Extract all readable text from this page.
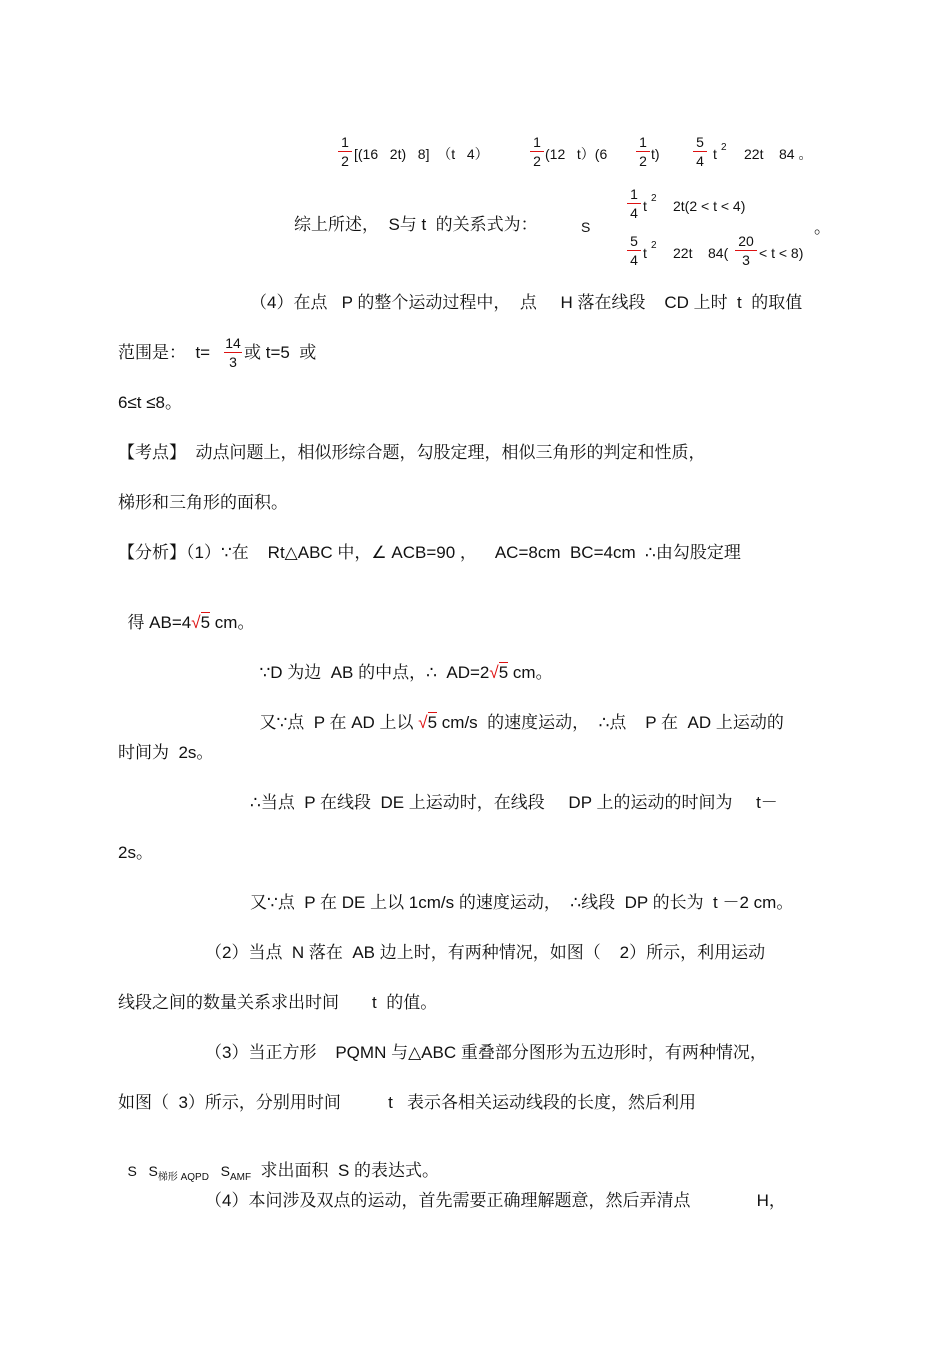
1
2 [(16   2t)   8]  （t   4）
1
2 (12   t）(6
1
2 t)
5
4 t 2 22t    84 。
综上所述，  S与 t  的关系式为：	S
1
4 t 2 2t(2 < t < 4)
5
4 t 2 22t    84(
20
3 < t < 8)
。
（4）在点   P 的整个运动过程中，  点     H 落在线段    CD 上时  t  的取值
范围是：  t= 14
3 或 t=5  或
6≤t ≤8。
【考点】  动点问题上，相似形综合题，勾股定理，相似三角形的判定和性质，
梯形和三角形的面积。
【分析】（1）∵在    Rt△ABC 中，∠ ACB=90 ，    AC=8cm  BC=4cm  ∴由勾股定理

得 AB=4√5 cm。

∵D 为边  AB 的中点，∴  AD=2√5 cm。

又∵点  P 在 AD 上以 √5 cm/s  的速度运动，  ∴点    P 在  AD 上运动的

时间为  2s。
∴当点  P 在线段  DE 上运动时，在线段     DP 上的运动的时间为     t－
2s。
又∵点  P 在 DE 上以 1cm/s 的速度运动，  ∴线段  DP 的长为  t －2 cm。
（2）当点  N 落在  AB 边上时，有两种情况，如图（    2）所示，利用运动
线段之间的数量关系求出时间       t  的值。
（3）当正方形    PQMN 与△ABC 重叠部分图形为五边形时，有两种情况，
如图（  3）所示，分别用时间          t   表示各相关运动线段的长度，然后利用

S   $S_{梯形 AQPD}$   $S_{AMF}$  求出面积  S 的表达式。

（4）本问涉及双点的运动，首先需要正确理解题意，然后弄清点              H，
